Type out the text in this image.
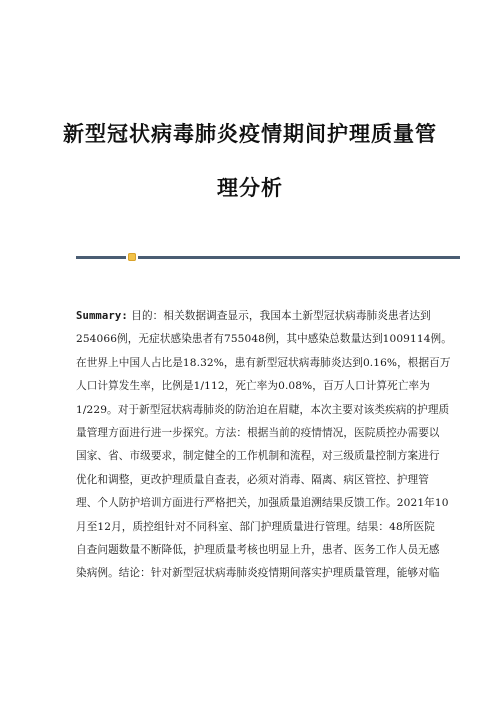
新型冠状病毒肺炎疫情期间护理质量管
理分析
Summary: 目的：相关数据调查显示，我国本土新型冠状病毒肺炎患者达到
254066例，无症状感染患者有755048例，其中感染总数量达到1009114例。
在世界上中国人占比是18.32%，患有新型冠状病毒肺炎达到0.16%，根据百万
人口计算发生率，比例是1/112，死亡率为0.08%，百万人口计算死亡率为
1/229。对于新型冠状病毒肺炎的防治迫在眉睫，本次主要对该类疾病的护理质
量管理方面进行进一步探究。方法：根据当前的疫情情况，医院质控办需要以
国家、省、市级要求，制定健全的工作机制和流程，对三级质量控制方案进行
优化和调整，更改护理质量自查表，必须对消毒、隔离、病区管控、护理管
理、个人防护培训方面进行严格把关，加强质量追溯结果反馈工作。2021年10
月至12月，质控组针对不同科室、部门护理质量进行管理。结果：48所医院
自查问题数量不断降低，护理质量考核也明显上升，患者、医务工作人员无感
染病例。结论：针对新型冠状病毒肺炎疫情期间落实护理质量管理，能够对临
